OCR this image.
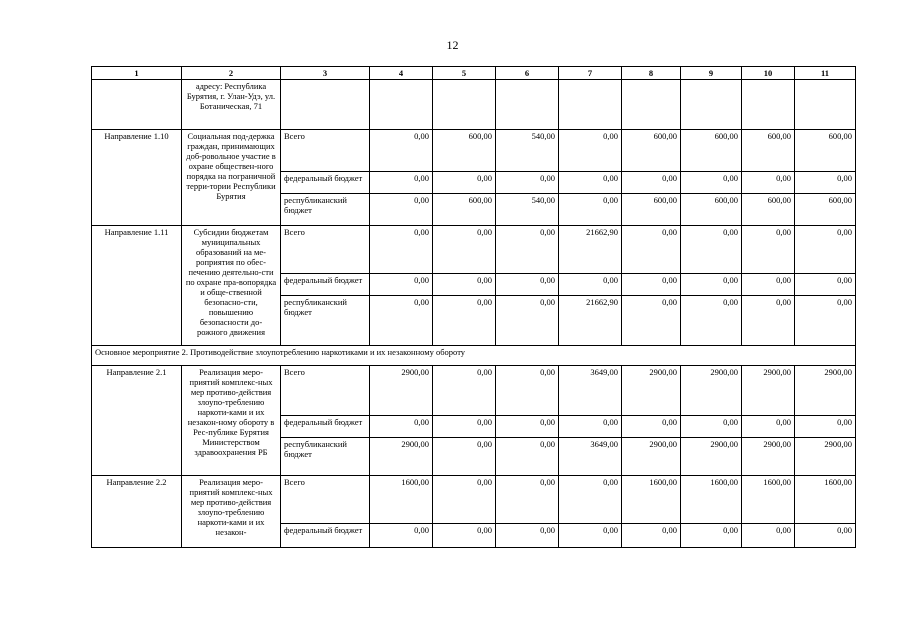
12
1	2	3	4	5	6	7	8	9	10	11
	адресу: Республика Бурятия, г. Улан-Удэ, ул. Ботаническая, 71									
Направление 1.10	Социальная под-держка граждан, принимающих доб-ровольное участие в охране обществен-ного порядка на пограничной терри-тории Республики Бурятия	Всего	0,00	600,00	540,00	0,00	600,00	600,00	600,00	600,00
		федеральный бюджет	0,00	0,00	0,00	0,00	0,00	0,00	0,00	0,00
		республиканский бюджет	0,00	600,00	540,00	0,00	600,00	600,00	600,00	600,00
Направление 1.11	Субсидии бюджетам муниципальных образований на ме-роприятия по обес-печению деятельно-сти по охране пра-вопорядка и обще-ственной безопасно-сти, повышению безопасности до-рожного движения	Всего	0,00	0,00	0,00	21662,90	0,00	0,00	0,00	0,00
		федеральный бюджет	0,00	0,00	0,00	0,00	0,00	0,00	0,00	0,00
		республиканский бюджет	0,00	0,00	0,00	21662,90	0,00	0,00	0,00	0,00
Основное мероприятие 2. Противодействие злоупотреблению наркотиками и их незаконному обороту										
Направление 2.1	Реализация меро-приятий комплекс-ных мер противо-действия злоупо-треблению наркоти-ками и их незакон-ному обороту в Рес-публике Бурятия Министерством здравоохранения РБ	Всего	2900,00	0,00	0,00	3649,00	2900,00	2900,00	2900,00	2900,00
		федеральный бюджет	0,00	0,00	0,00	0,00	0,00	0,00	0,00	0,00
		республиканский бюджет	2900,00	0,00	0,00	3649,00	2900,00	2900,00	2900,00	2900,00
Направление 2.2	Реализация меро-приятий комплекс-ных мер противо-действия злоупо-треблению наркоти-ками и их незакон-	Всего	1600,00	0,00	0,00	0,00	1600,00	1600,00	1600,00	1600,00
		федеральный бюджет	0,00	0,00	0,00	0,00	0,00	0,00	0,00	0,00
